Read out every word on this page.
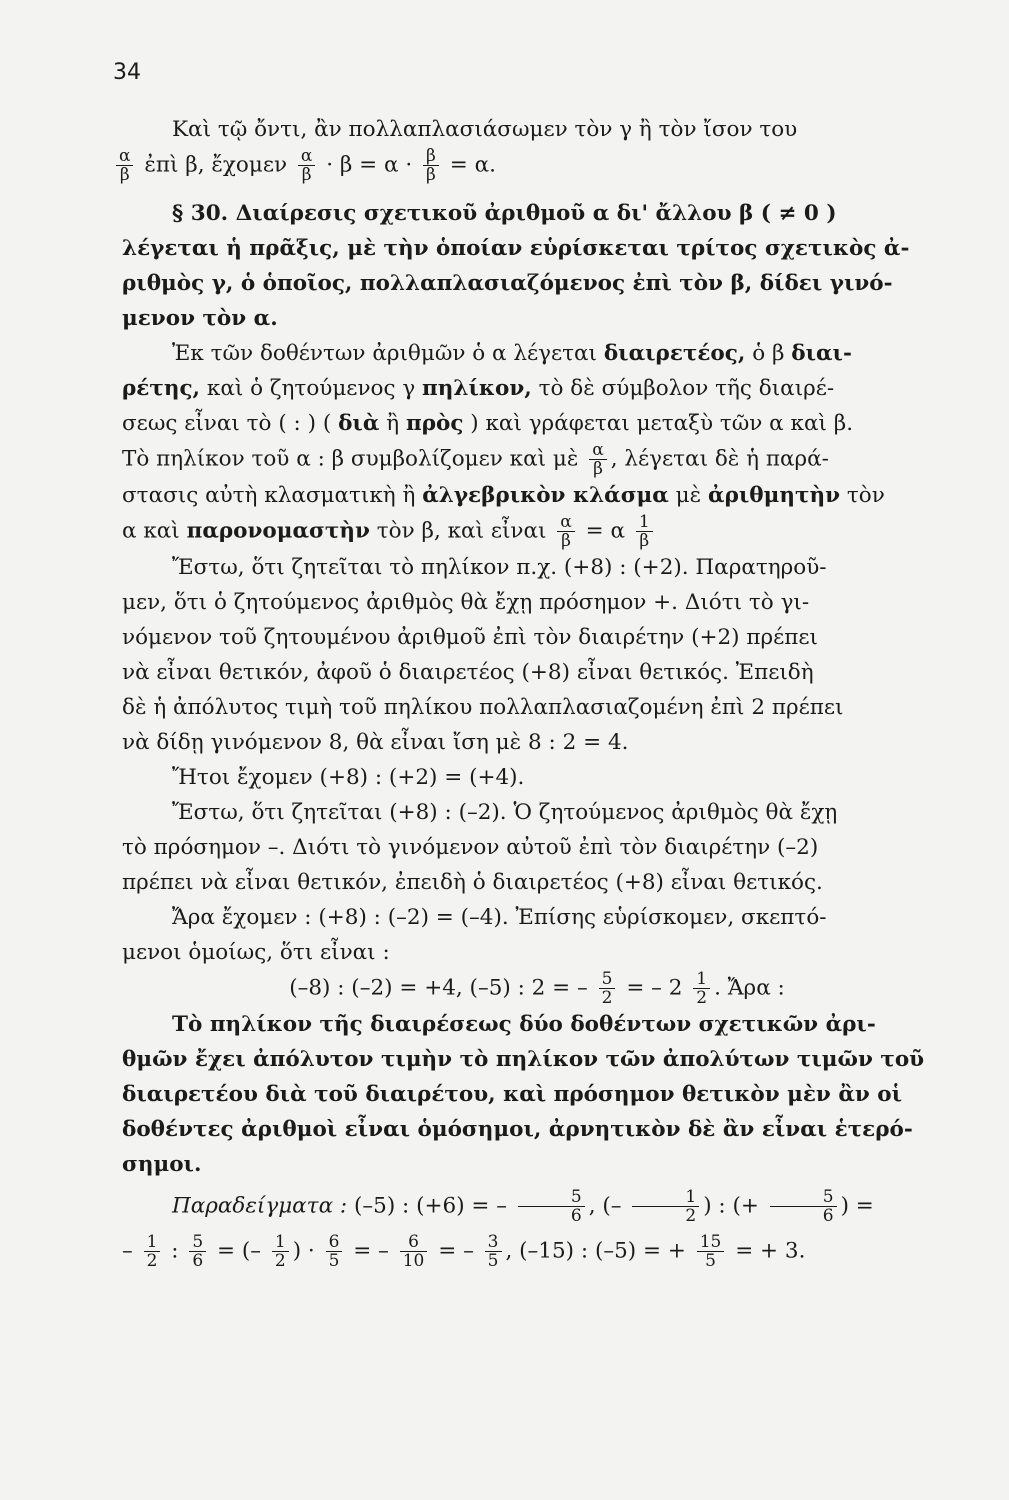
34

Καὶ τῷ ὄντι, ἂν πολλαπλασιάσωμεν τὸν γ ἢ τὸν ἴσον του

$\frac{\alpha}{\beta}$ ἐπὶ β, ἔχομεν $\frac{\alpha}{\beta} \cdot \beta = \alpha \cdot \frac{\beta}{\beta} = \alpha$.

§ 30. Διαίρεσις σχετικοῦ ἀριθμοῦ α δι' ἄλλου β ( ≠ 0 )

λέγεται ἡ πρᾶξις, μὲ τὴν ὁποίαν εὑρίσκεται τρίτος σχετικὸς ἀ-
ριθμὸς γ, ὁ ὁποῖος, πολλαπλασιαζόμενος ἐπὶ τὸν β, δίδει γινό-
μενον τὸν α.

Ἐκ τῶν δοθέντων ἀριθμῶν ὁ α λέγεται διαιρετέος, ὁ β διαι-
ρέτης, καὶ ὁ ζητούμενος γ πηλίκον, τὸ δὲ σύμβολον τῆς διαιρέ-
σεως εἶναι τὸ ( : ) ( διὰ ἢ πρὸς ) καὶ γράφεται μεταξὺ τῶν α καὶ β.

Τὸ πηλίκον τοῦ α : β συμβολίζομεν καὶ μὲ $\frac{\alpha}{\beta}$ , λέγεται δὲ ἡ παρά-
στασις αὐτὴ κλασματικὴ ἢ ἀλγεβρικὸν κλάσμα μὲ ἀριθμητὴν τὸν
α καὶ παρονομαστὴν τὸν β, καὶ εἶναι $\frac{\alpha}{\beta} = \alpha \frac{1}{\beta}$

Ἔστω, ὅτι ζητεῖται τὸ πηλίκον π.χ. (+8) : (+2). Παρατηροῦ-
μεν, ὅτι ὁ ζητούμενος ἀριθμὸς θὰ ἔχῃ πρόσημον +. Διότι τὸ γι-
νόμενον τοῦ ζητουμένου ἀριθμοῦ ἐπὶ τὸν διαιρέτην (+2) πρέπει
νὰ εἶναι θετικόν, ἀφοῦ ὁ διαιρετέος (+8) εἶναι θετικός. Ἐπειδὴ
δὲ ἡ ἀπόλυτος τιμὴ τοῦ πηλίκου πολλαπλασιαζομένη ἐπὶ 2 πρέπει
νὰ δίδῃ γινόμενον 8, θὰ εἶναι ἴση μὲ 8 : 2 = 4.

Ἤτοι ἔχομεν (+8) : (+2) = (+4).

Ἔστω, ὅτι ζητεῖται (+8) : (–2). Ὁ ζητούμενος ἀριθμὸς θὰ ἔχῃ
τὸ πρόσημον –. Διότι τὸ γινόμενον αὐτοῦ ἐπὶ τὸν διαιρέτην (–2)
πρέπει νὰ εἶναι θετικόν, ἐπειδὴ ὁ διαιρετέος (+8) εἶναι θετικός.

Ἄρα ἔχομεν : (+8) : (–2) = (–4). Ἐπίσης εὑρίσκομεν, σκεπτό-
μενοι ὁμοίως, ὅτι εἶναι :

(–8) : (–2) = +4, (–5) : 2 = – $\frac{5}{2}$ = – $2 \frac{1}{2}$ . Ἄρα :

Τὸ πηλίκον τῆς διαιρέσεως δύο δοθέντων σχετικῶν ἀρι-
θμῶν ἔχει ἀπόλυτον τιμὴν τὸ πηλίκον τῶν ἀπολύτων τιμῶν τοῦ
διαιρετέου διὰ τοῦ διαιρέτου, καὶ πρόσημον θετικὸν μὲν ἂν οἱ
δοθέντες ἀριθμοὶ εἶναι ὁμόσημοι, ἀρνητικὸν δὲ ἂν εἶναι ἑτερό-
σημοι.

Παραδείγματα : (–5) : (+6) = – $\frac{5}{6}$ , (– $\frac{1}{2}$ ) : (+ $\frac{5}{6}$ ) =

– $\frac{1}{2}$ : $\frac{5}{6}$ = (– $\frac{1}{2}$ ) · $\frac{6}{5}$ = – $\frac{6}{10}$ = – $\frac{3}{5}$ , (–15) : (–5) = + $\frac{15}{5}$ = + 3.
